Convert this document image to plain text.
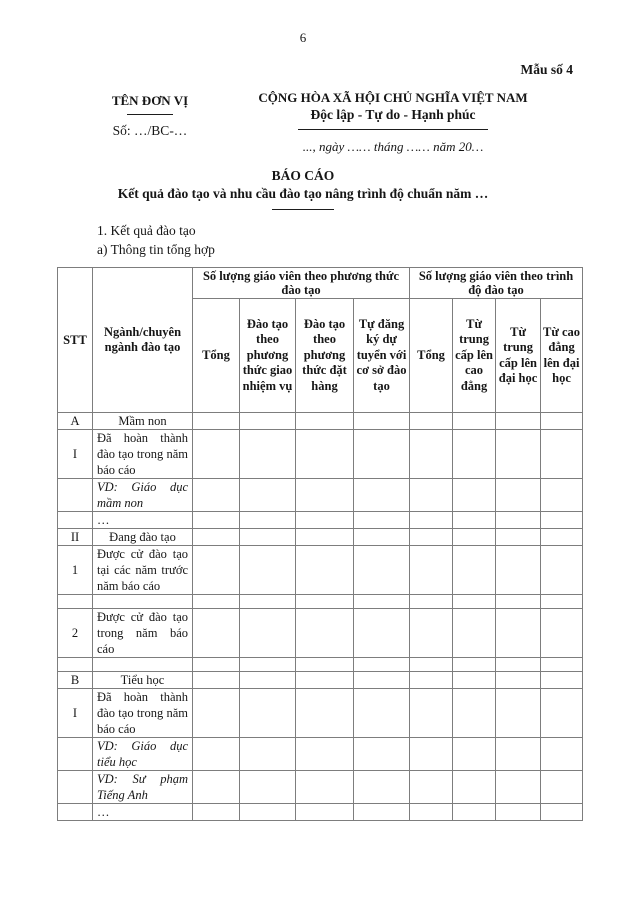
6
Mẫu số 4
TÊN ĐƠN VỊ
Số: …/BC-…
CỘNG HÒA XÃ HỘI CHỦ NGHĨA VIỆT NAM
Độc lập - Tự do - Hạnh phúc
..., ngày …… tháng …… năm 20…
BÁO CÁO
Kết quả đào tạo và nhu cầu đào tạo nâng trình độ chuẩn năm …
1. Kết quả đào tạo
a) Thông tin tổng hợp
STT	Ngành/chuyên ngành đào tạo	Số lượng giáo viên theo phương thức đào tạo				Số lượng giáo viên theo trình độ đào tạo			
		Tổng	Đào tạo theo phương thức giao nhiệm vụ	Đào tạo theo phương thức đặt hàng	Tự đăng ký dự tuyển với cơ sở đào tạo	Tổng	Từ trung cấp lên cao đẳng	Từ trung cấp lên đại học	Từ cao đẳng lên đại học
A	Mầm non								
I	Đã hoàn thành đào tạo trong năm báo cáo								
	VD: Giáo dục mầm non								
	…								
II	Đang đào tạo								
1	Được cử đào tạo tại các năm trước năm báo cáo								

2	Được cử đào tạo trong năm báo cáo								

B	Tiểu học								
I	Đã hoàn thành đào tạo trong năm báo cáo								
	VD: Giáo dục tiểu học								
	VD: Sư phạm Tiếng Anh								
	…								
